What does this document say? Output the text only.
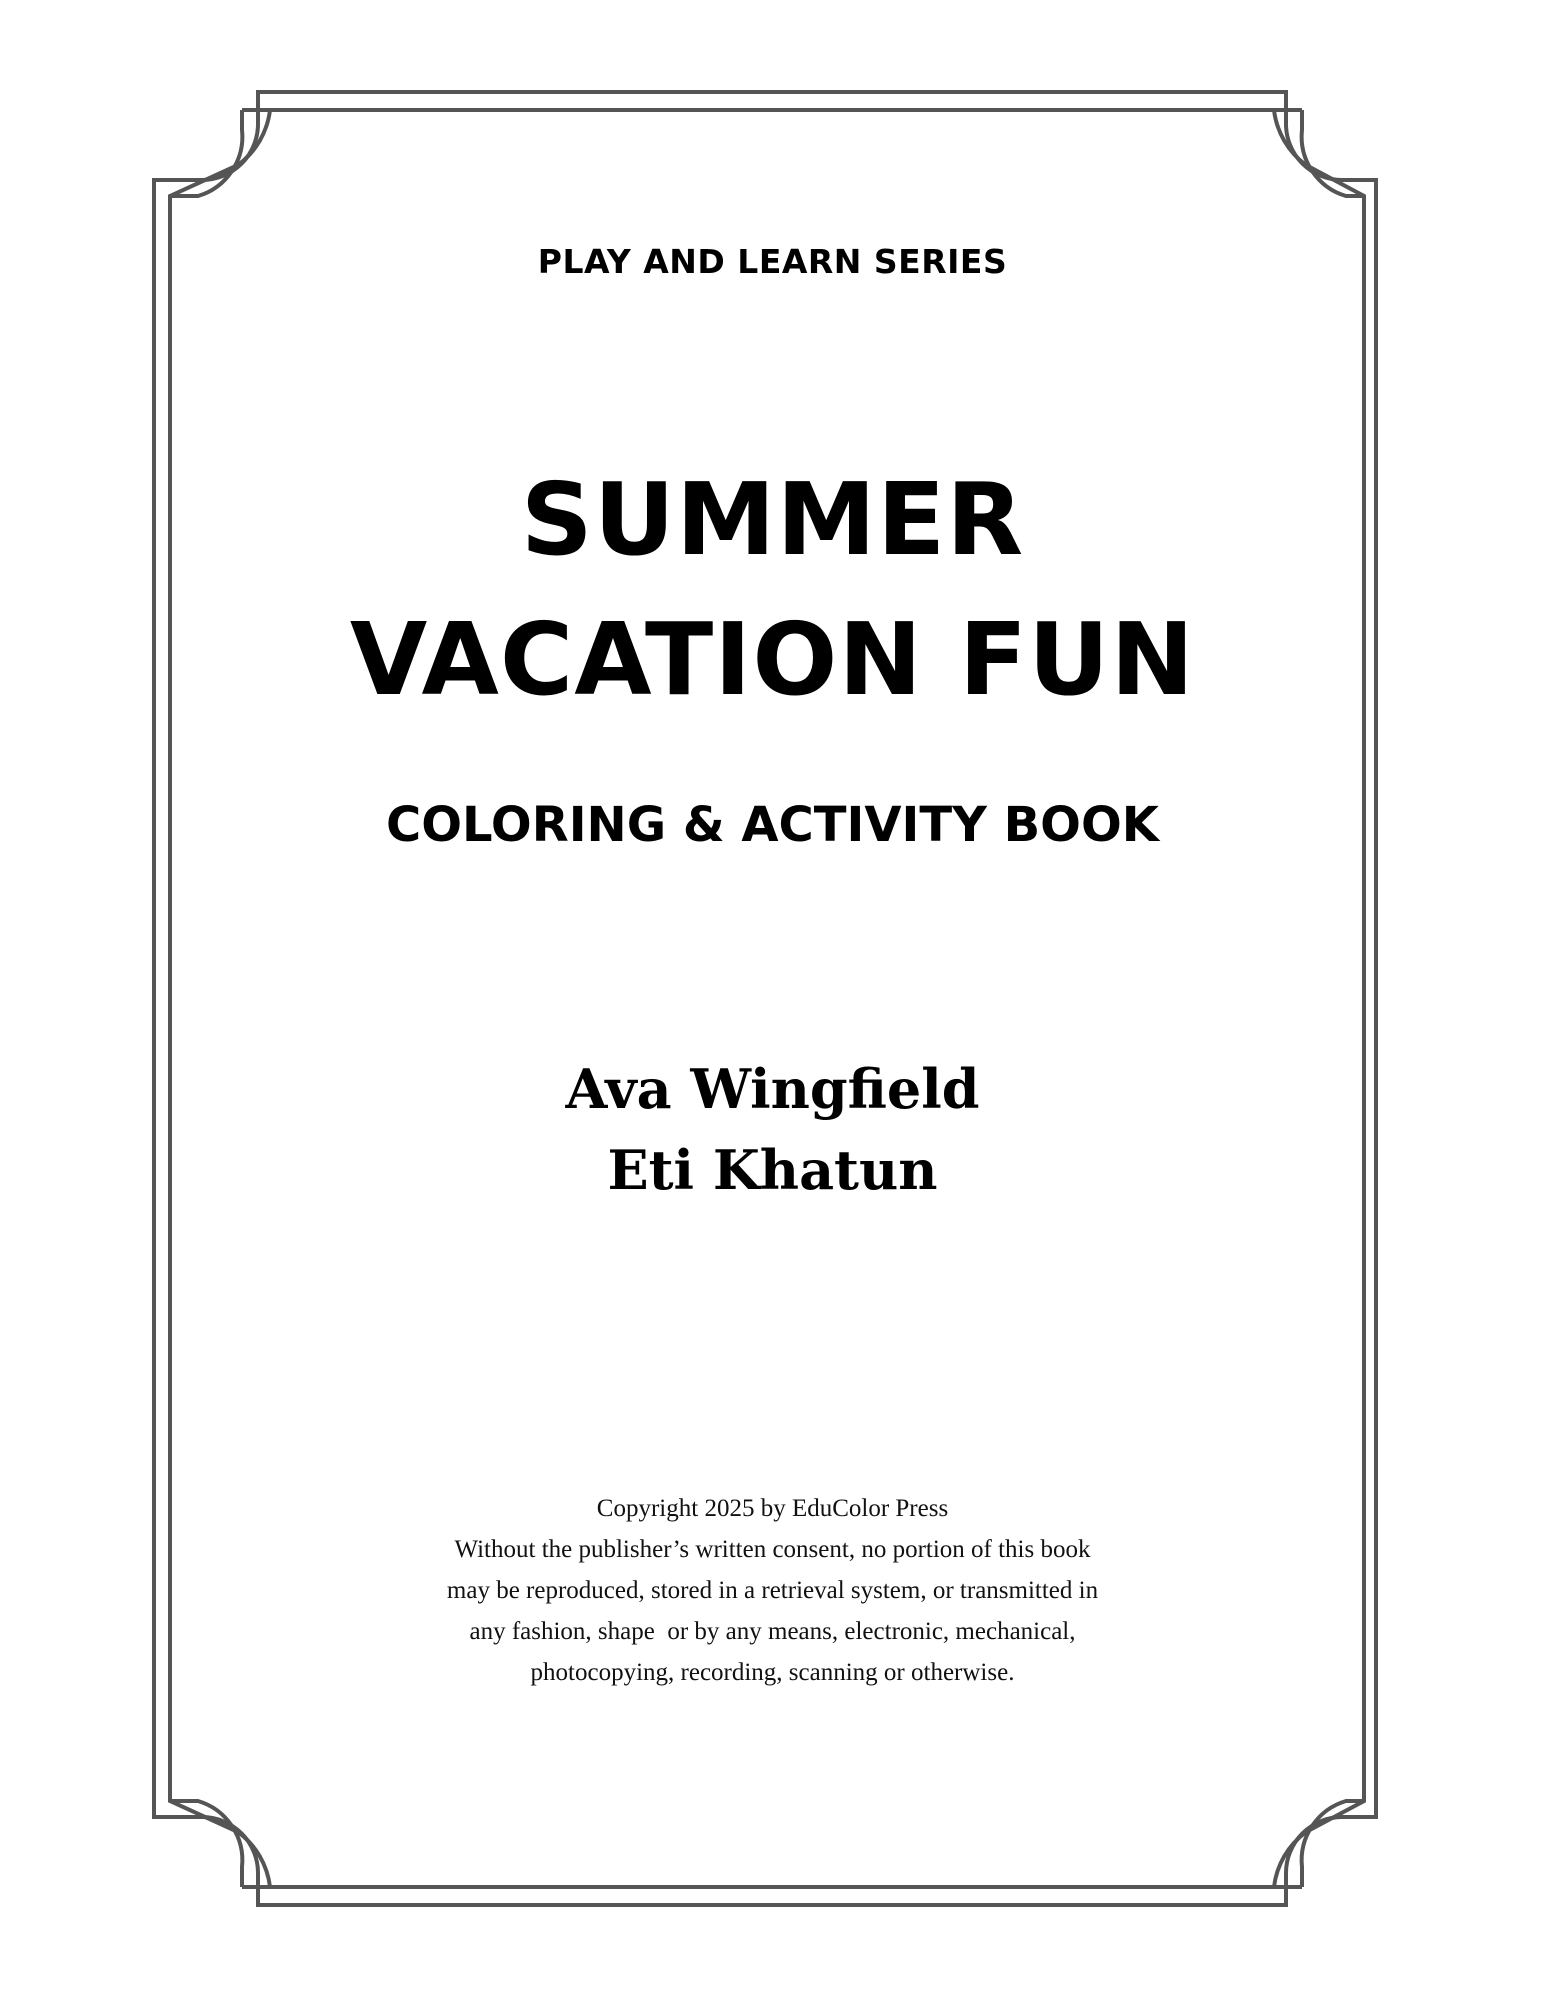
PLAY AND LEARN SERIES
SUMMER
VACATION FUN
COLORING & ACTIVITY BOOK
Ava Wingfield
Eti Khatun
Copyright 2025 by EduColor Press
Without the publisher’s written consent, no portion of this book
may be reproduced, stored in a retrieval system, or transmitted in
any fashion, shape  or by any means, electronic, mechanical,
photocopying, recording, scanning or otherwise.
